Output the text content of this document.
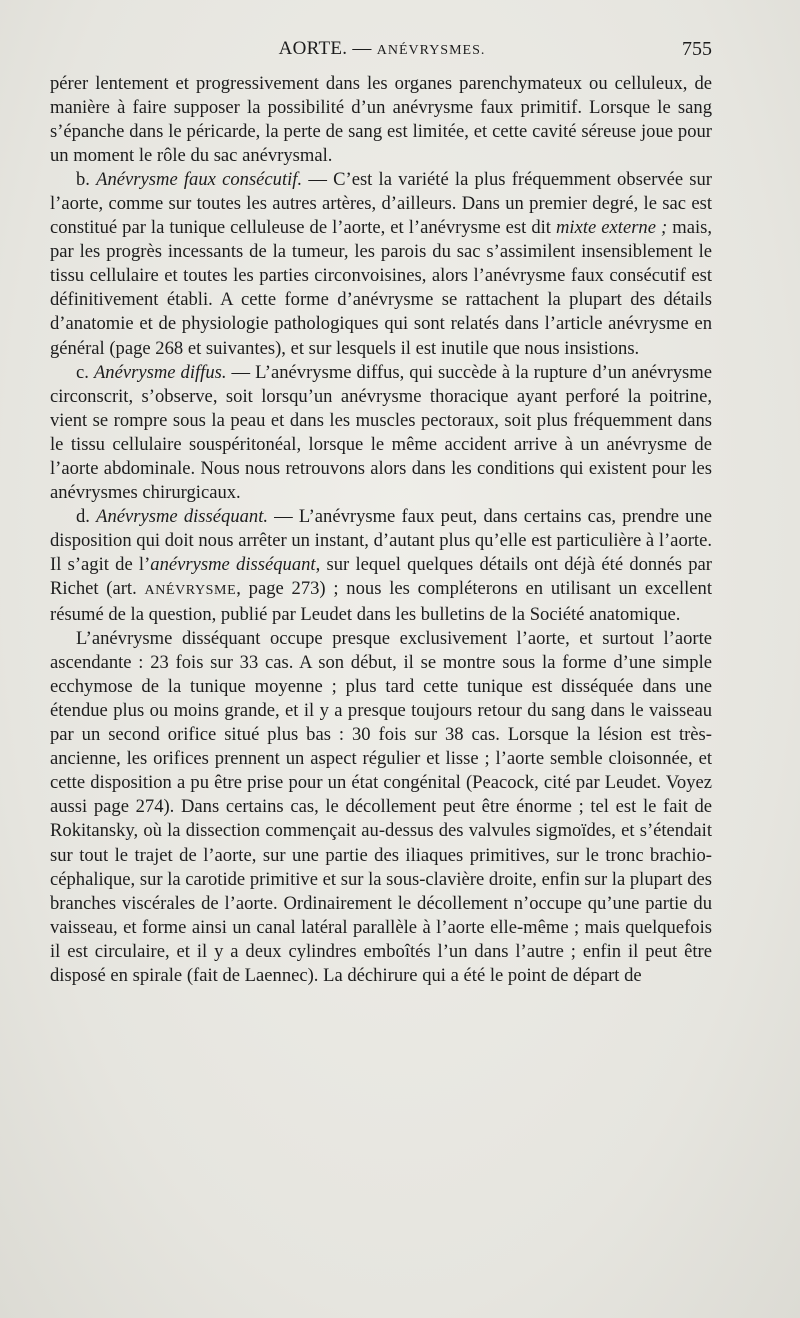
AORTE. — ANÉVRYSMES.	755

pérer lentement et progressivement dans les organes parenchymateux ou celluleux, de manière à faire supposer la possibilité d’un anévrysme faux primitif. Lorsque le sang s’épanche dans le péricarde, la perte de sang est limitée, et cette cavité séreuse joue pour un moment le rôle du sac anévrysmal.

b. Anévrysme faux consécutif. — C’est la variété la plus fréquemment observée sur l’aorte, comme sur toutes les autres artères, d’ailleurs. Dans un premier degré, le sac est constitué par la tunique celluleuse de l’aorte, et l’anévrysme est dit mixte externe ; mais, par les progrès incessants de la tumeur, les parois du sac s’assimilent insensiblement le tissu cellulaire et toutes les parties circonvoisines, alors l’anévrysme faux consécutif est définitivement établi. A cette forme d’anévrysme se rattachent la plupart des détails d’anatomie et de physiologie pathologiques qui sont relatés dans l’article anévrysme en général (page 268 et suivantes), et sur lesquels il est inutile que nous insistions.

c. Anévrysme diffus. — L’anévrysme diffus, qui succède à la rupture d’un anévrysme circonscrit, s’observe, soit lorsqu’un anévrysme thoracique ayant perforé la poitrine, vient se rompre sous la peau et dans les muscles pectoraux, soit plus fréquemment dans le tissu cellulaire souspéritonéal, lorsque le même accident arrive à un anévrysme de l’aorte abdominale. Nous nous retrouvons alors dans les conditions qui existent pour les anévrysmes chirurgicaux.

d. Anévrysme disséquant. — L’anévrysme faux peut, dans certains cas, prendre une disposition qui doit nous arrêter un instant, d’autant plus qu’elle est particulière à l’aorte. Il s’agit de l’anévrysme disséquant, sur lequel quelques détails ont déjà été donnés par Richet (art. ANÉVRYSME, page 273) ; nous les compléterons en utilisant un excellent résumé de la question, publié par Leudet dans les bulletins de la Société anatomique.

L’anévrysme disséquant occupe presque exclusivement l’aorte, et surtout l’aorte ascendante : 23 fois sur 33 cas. A son début, il se montre sous la forme d’une simple ecchymose de la tunique moyenne ; plus tard cette tunique est disséquée dans une étendue plus ou moins grande, et il y a presque toujours retour du sang dans le vaisseau par un second orifice situé plus bas : 30 fois sur 38 cas. Lorsque la lésion est très-ancienne, les orifices prennent un aspect régulier et lisse ; l’aorte semble cloisonnée, et cette disposition a pu être prise pour un état congénital (Peacock, cité par Leudet. Voyez aussi page 274). Dans certains cas, le décollement peut être énorme ; tel est le fait de Rokitansky, où la dissection commençait au-dessus des valvules sigmoïdes, et s’étendait sur tout le trajet de l’aorte, sur une partie des iliaques primitives, sur le tronc brachio-céphalique, sur la carotide primitive et sur la sous-clavière droite, enfin sur la plupart des branches viscérales de l’aorte. Ordinairement le décollement n’occupe qu’une partie du vaisseau, et forme ainsi un canal latéral parallèle à l’aorte elle-même ; mais quelquefois il est circulaire, et il y a deux cylindres emboîtés l’un dans l’autre ; enfin il peut être disposé en spirale (fait de Laennec). La déchirure qui a été le point de départ de
